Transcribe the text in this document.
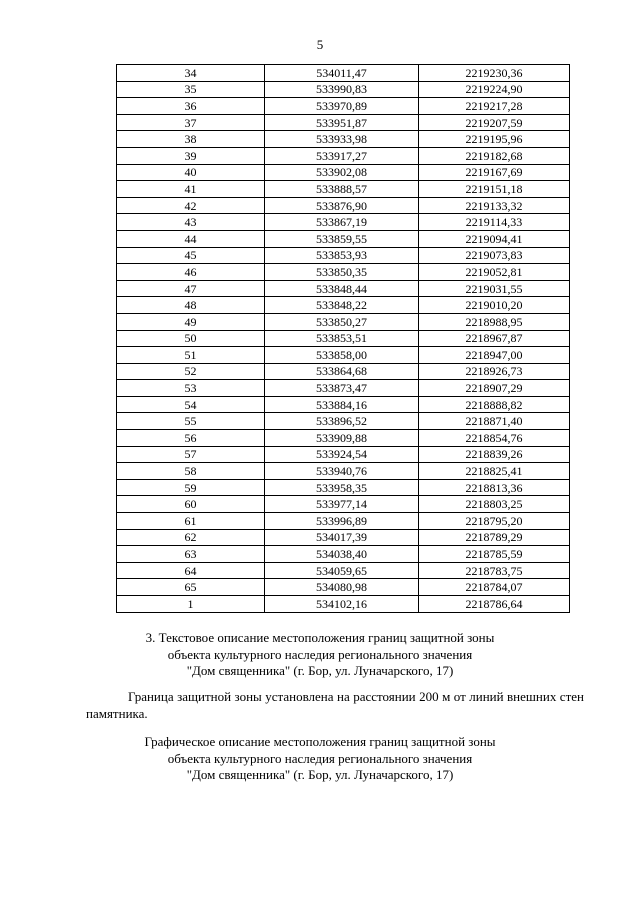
5
34	534011,47	2219230,36
35	533990,83	2219224,90
36	533970,89	2219217,28
37	533951,87	2219207,59
38	533933,98	2219195,96
39	533917,27	2219182,68
40	533902,08	2219167,69
41	533888,57	2219151,18
42	533876,90	2219133,32
43	533867,19	2219114,33
44	533859,55	2219094,41
45	533853,93	2219073,83
46	533850,35	2219052,81
47	533848,44	2219031,55
48	533848,22	2219010,20
49	533850,27	2218988,95
50	533853,51	2218967,87
51	533858,00	2218947,00
52	533864,68	2218926,73
53	533873,47	2218907,29
54	533884,16	2218888,82
55	533896,52	2218871,40
56	533909,88	2218854,76
57	533924,54	2218839,26
58	533940,76	2218825,41
59	533958,35	2218813,36
60	533977,14	2218803,25
61	533996,89	2218795,20
62	534017,39	2218789,29
63	534038,40	2218785,59
64	534059,65	2218783,75
65	534080,98	2218784,07
1	534102,16	2218786,64

3. Текстовое описание местоположения границ защитной зоны

объекта культурного наследия регионального значения

"Дом священника" (г. Бор, ул. Луначарского, 17)

Граница защитной зоны установлена на расстоянии 200 м от линий внешних стен памятника.

Графическое описание местоположения границ защитной зоны

объекта культурного наследия регионального значения

"Дом священника" (г. Бор, ул. Луначарского, 17)
